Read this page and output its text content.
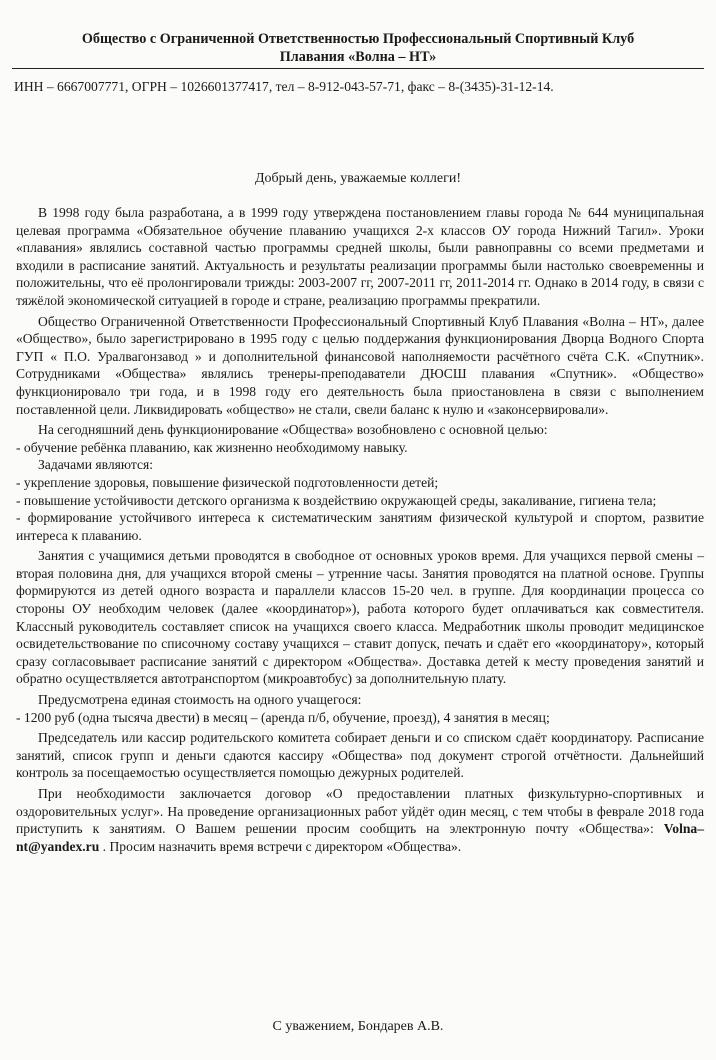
Общество с Ограниченной Ответственностью Профессиональный Спортивный Клуб

Плавания «Волна – НТ»

ИНН – 6667007771, ОГРН – 1026601377417, тел – 8-912-043-57-71, факс – 8-(3435)-31-12-14.
Добрый день, уважаемые коллеги!

В 1998 году была разработана, а в 1999 году утверждена постановлением главы города № 644 муниципальная целевая программа «Обязательное обучение плаванию учащихся 2-х классов ОУ города Нижний Тагил». Уроки «плавания» являлись составной частью программы средней школы, были равноправны со всеми предметами и входили в расписание занятий. Актуальность и результаты реализации программы были настолько своевременны и положительны, что её пролонгировали трижды: 2003-2007 гг, 2007-2011 гг, 2011-2014 гг. Однако в 2014 году, в связи с тяжёлой экономической ситуацией в городе и стране, реализацию программы прекратили.

Общество Ограниченной Ответственности Профессиональный Спортивный Клуб Плавания «Волна – НТ», далее «Общество», было зарегистрировано в 1995 году с целью поддержания функционирования Дворца Водного Спорта ГУП « П.О. Уралвагонзавод » и дополнительной финансовой наполняемости расчётного счёта С.К. «Спутник». Сотрудниками «Общества» являлись тренеры-преподаватели ДЮСШ плавания «Спутник». «Общество» функционировало три года, и в 1998 году его деятельность была приостановлена в связи с выполнением поставленной цели. Ликвидировать «общество» не стали, свели баланс к нулю и «законсервировали».

На сегодняшний день функционирование «Общества» возобновлено с основной целью:

- обучение ребёнка плаванию, как жизненно необходимому навыку.

Задачами являются:

- укрепление здоровья, повышение физической подготовленности детей;

- повышение устойчивости детского организма к воздействию окружающей среды, закаливание, гигиена тела;

- формирование устойчивого интереса к систематическим занятиям физической культурой и спортом, развитие интереса к плаванию.

Занятия с учащимися детьми проводятся в свободное от основных уроков время. Для учащихся первой смены – вторая половина дня, для учащихся второй смены – утренние часы. Занятия проводятся на платной основе. Группы формируются из детей одного возраста и параллели классов 15-20 чел. в группе. Для координации процесса со стороны ОУ необходим человек (далее «координатор»), работа которого будет оплачиваться как совместителя. Классный руководитель составляет список на учащихся своего класса. Медработник школы проводит медицинское освидетельствование по списочному составу учащихся – ставит допуск, печать и сдаёт его «координатору», который сразу согласовывает расписание занятий с директором «Общества». Доставка детей к месту проведения занятий и обратно осуществляется автотранспортом (микроавтобус) за дополнительную плату.

Предусмотрена единая стоимость на одного учащегося:

- 1200 руб (одна тысяча двести) в месяц – (аренда п/б, обучение, проезд), 4 занятия в месяц;

Председатель или кассир родительского комитета собирает деньги и со списком сдаёт координатору. Расписание занятий, список групп и деньги сдаются кассиру «Общества» под документ строгой отчётности. Дальнейший контроль за посещаемостью осуществляется помощью дежурных родителей.

При необходимости заключается договор «О предоставлении платных физкультурно-спортивных и оздоровительных услуг». На проведение организационных работ уйдёт один месяц, с тем чтобы в феврале 2018 года приступить к занятиям. О Вашем решении просим сообщить на электронную почту «Общества»: Volna–nt@yandex.ru . Просим назначить время встречи с директором «Общества».

С уважением, Бондарев А.В.
